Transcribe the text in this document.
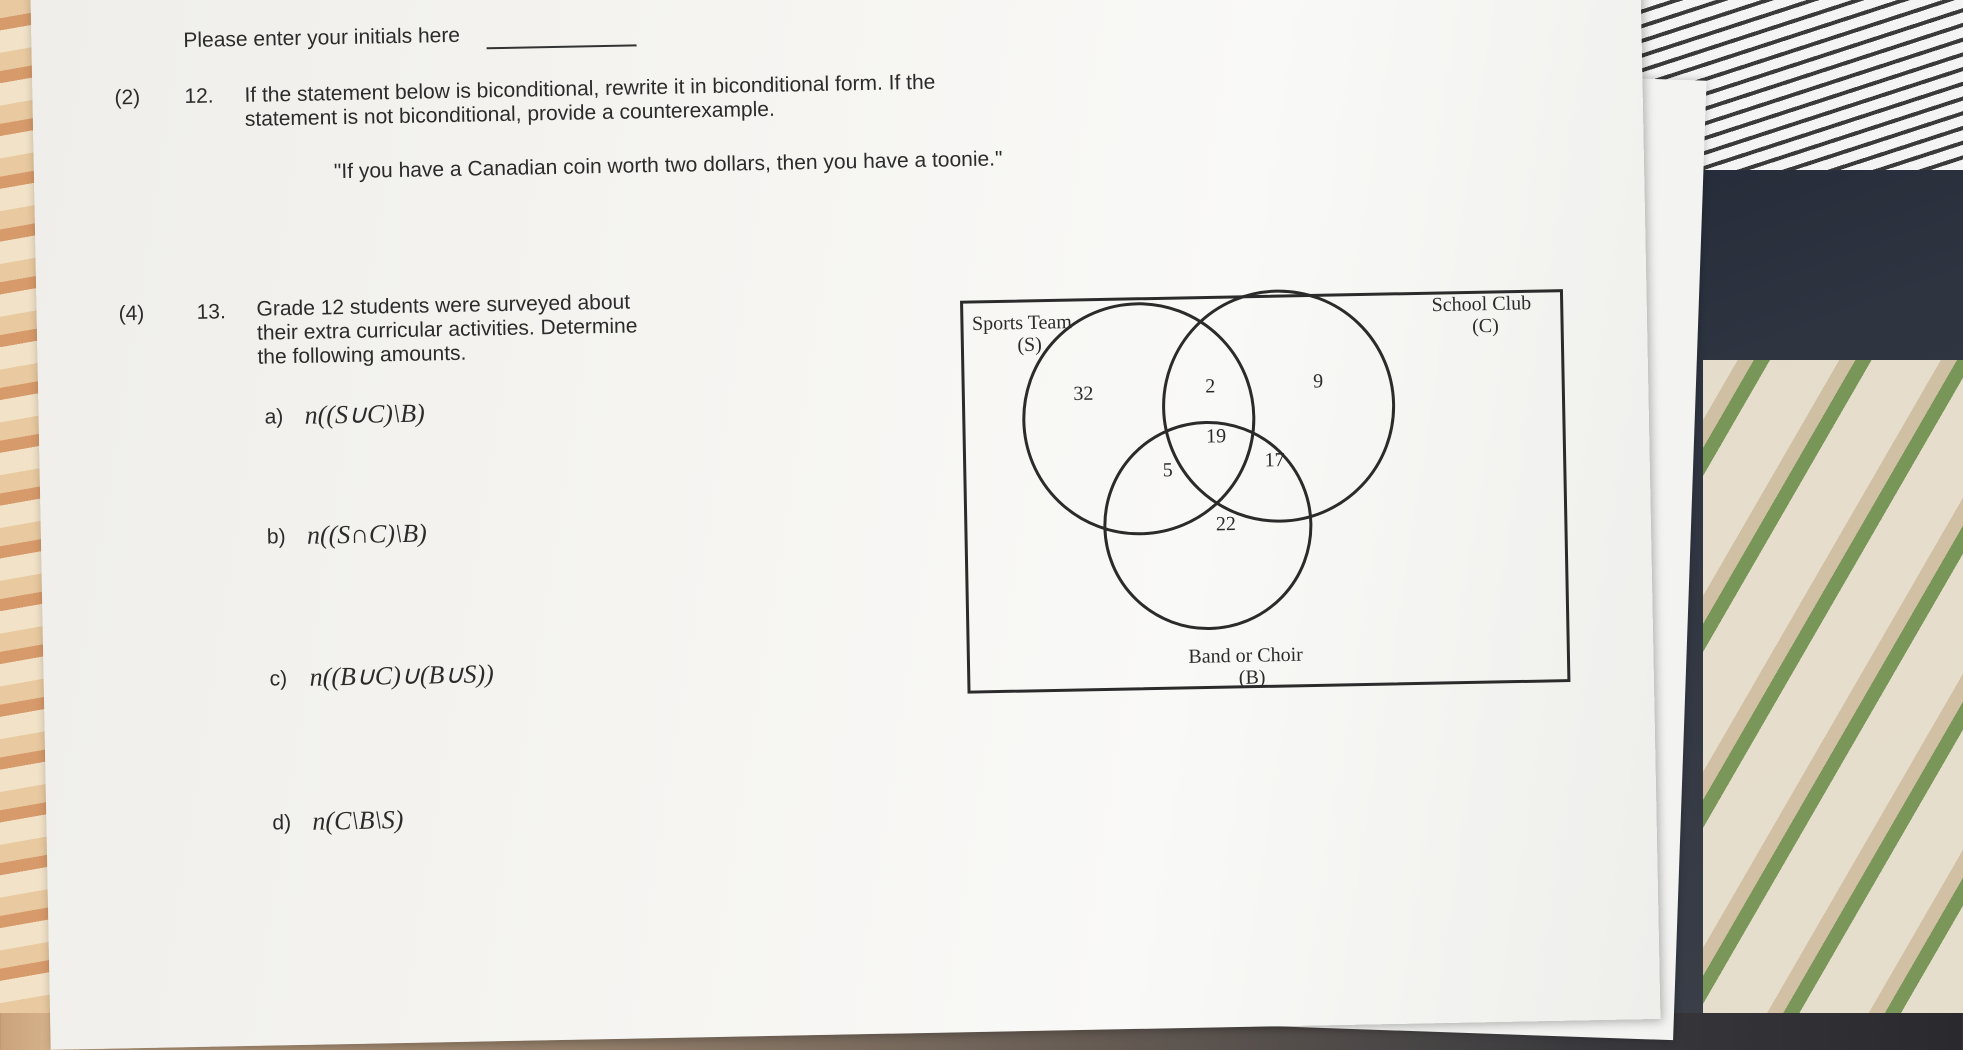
Please enter your initials here
(2) 12. If the statement below is biconditional, rewrite it in biconditional form. If the
statement is not biconditional, provide a counterexample.
"If you have a Canadian coin worth two dollars, then you have a toonie."
(4) 13. Grade 12 students were surveyed about
their extra curricular activities. Determine
the following amounts.
a) n((S∪C)\B)
b) n((S∩C)\B)
c) n((B∪C)∪(B∪S))
d) n(C\B\S)
Sports Team
(S)
School Club
(C)
Band or Choir
(B)
32	2	9
19
5	17
22
